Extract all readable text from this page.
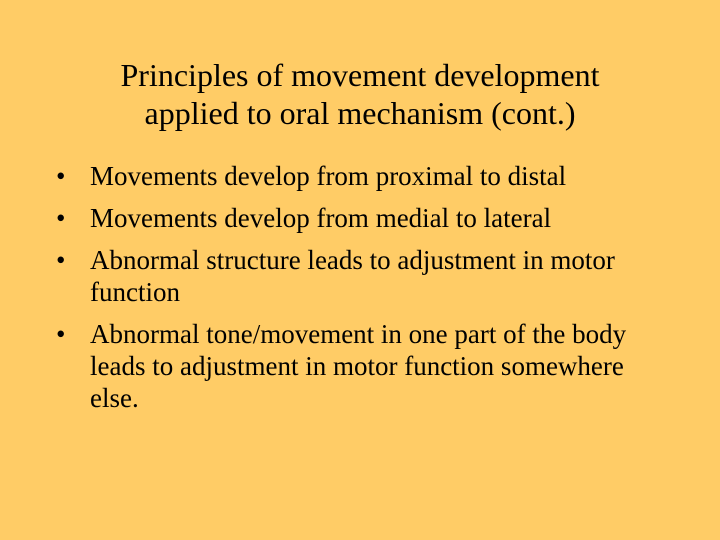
Principles of movement development
applied to oral mechanism (cont.)
• Movements develop from proximal to distal
• Movements develop from medial to lateral
• Abnormal structure leads to adjustment in motor function
• Abnormal tone/movement in one part of the body leads to adjustment in motor function somewhere else.
